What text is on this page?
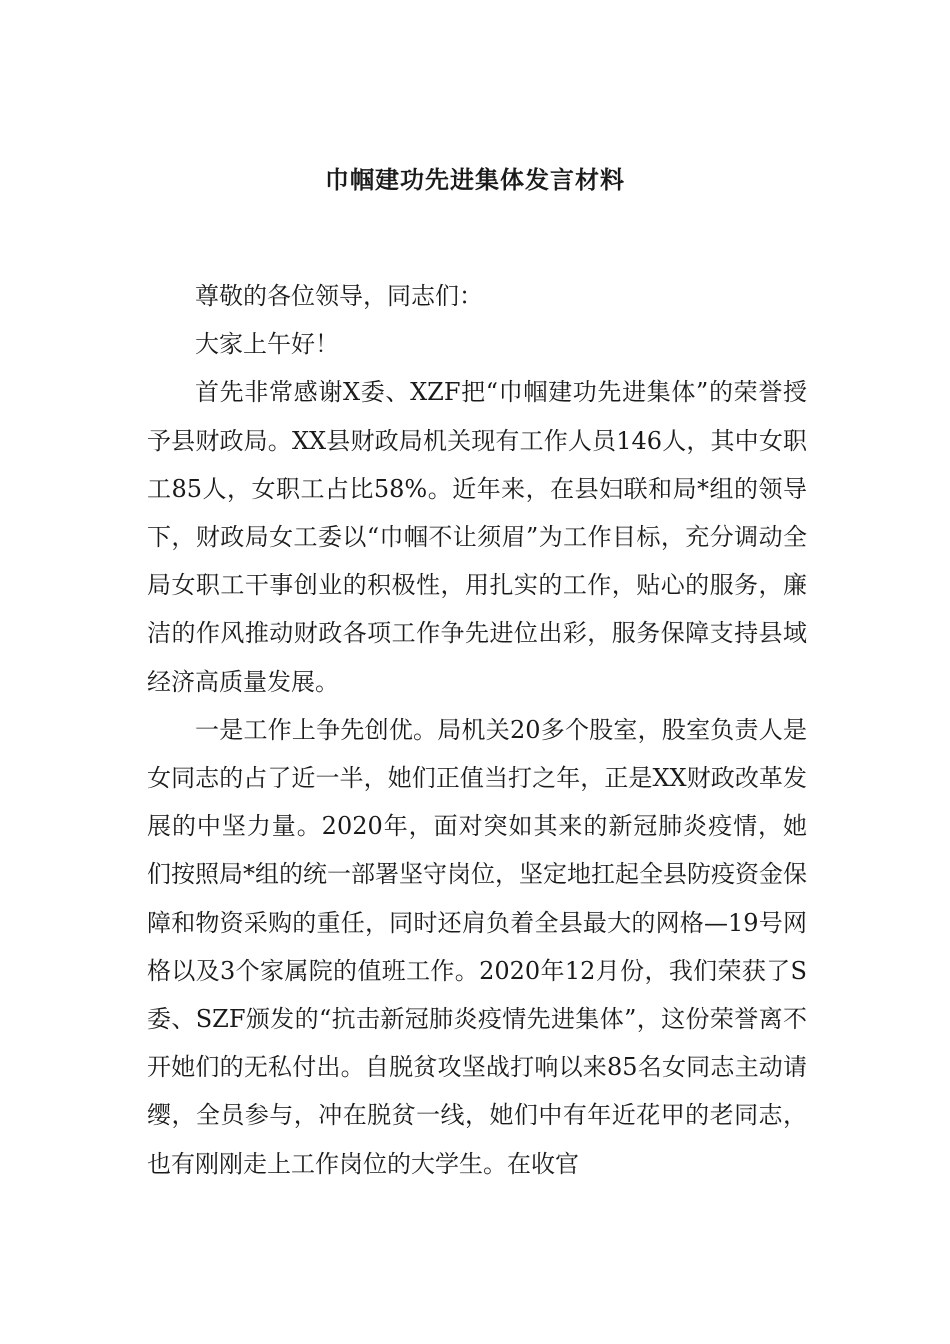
巾帼建功先进集体发言材料

尊敬的各位领导，同志们：

大家上午好！

首先非常感谢X委、XZF把“巾帼建功先进集体”的荣誉授予县财政局。XX县财政局机关现有工作人员146人，其中女职工85人，女职工占比58%。近年来，在县妇联和局*组的领导下，财政局女工委以“巾帼不让须眉”为工作目标，充分调动全局女职工干事创业的积极性，用扎实的工作，贴心的服务，廉洁的作风推动财政各项工作争先进位出彩，服务保障支持县域经济高质量发展。

一是工作上争先创优。局机关20多个股室，股室负责人是女同志的占了近一半，她们正值当打之年，正是XX财政改革发展的中坚力量。2020年，面对突如其来的新冠肺炎疫情，她们按照局*组的统一部署坚守岗位，坚定地扛起全县防疫资金保障和物资采购的重任，同时还肩负着全县最大的网格—19号网格以及3个家属院的值班工作。2020年12月份，我们荣获了S委、SZF颁发的“抗击新冠肺炎疫情先进集体”，这份荣誉离不开她们的无私付出。自脱贫攻坚战打响以来85名女同志主动请缨，全员参与，冲在脱贫一线，她们中有年近花甲的老同志，也有刚刚走上工作岗位的大学生。在收官
